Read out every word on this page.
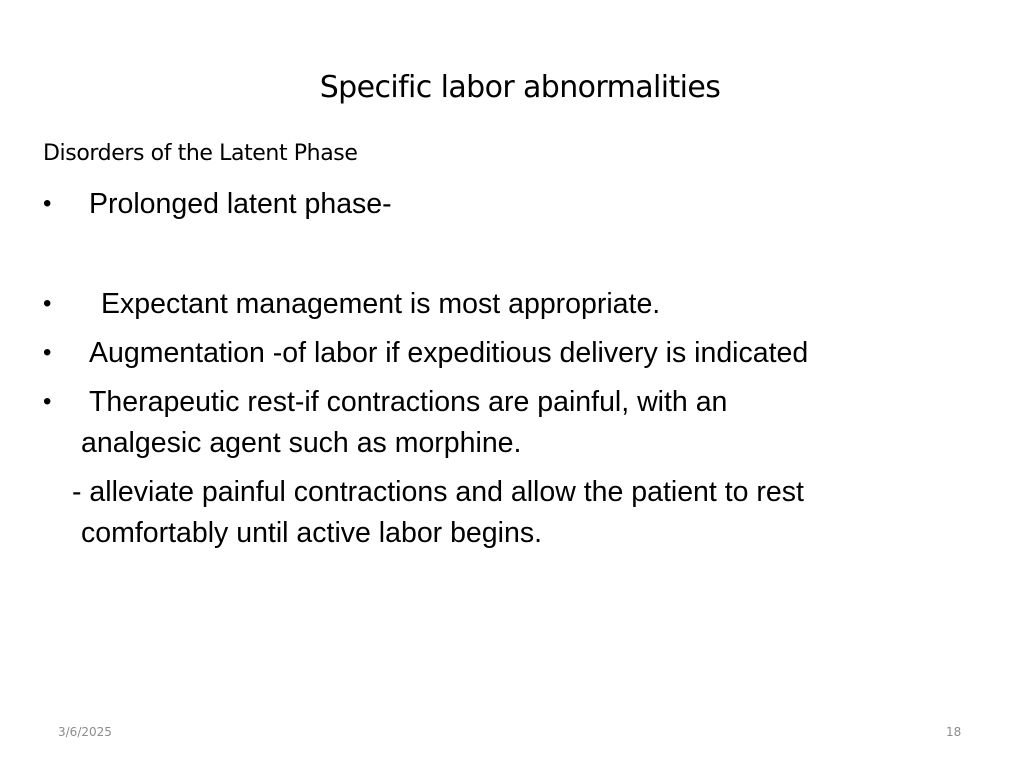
Specific labor abnormalities
Disorders of the Latent Phase
• Prolonged latent phase-
• Expectant management is most appropriate.
• Augmentation -of labor if expeditious delivery is indicated
• Therapeutic rest-if contractions are painful, with an
analgesic agent such as morphine.
- alleviate painful contractions and allow the patient to rest
comfortably until active labor begins.
3/6/2025	18
